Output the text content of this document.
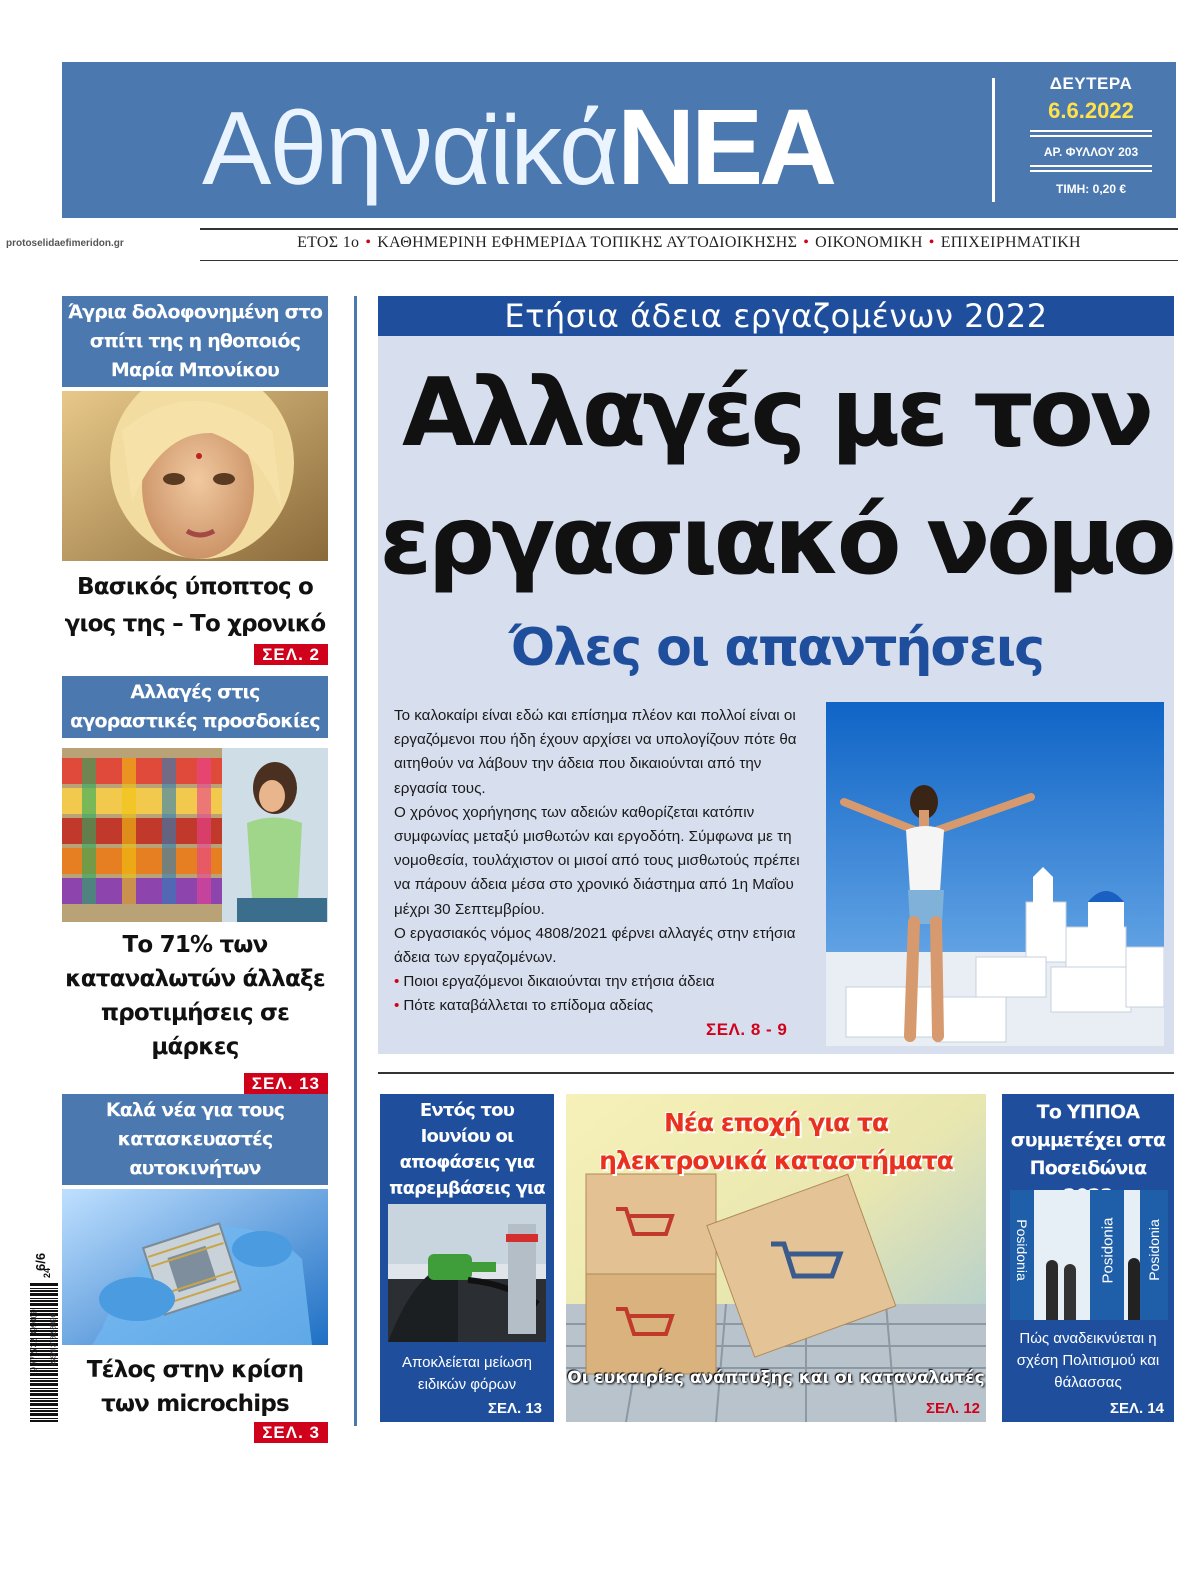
Αθηναϊκά ΝΕΑ
ΔΕΥΤΕΡΑ
6.6.2022
ΑΡ. ΦΥΛΛΟΥ 203
ΤΙΜΗ: 0,20 €
protoselidaefimeridon.gr	ΕΤΟΣ 1ο • ΚΑΘΗΜΕΡΙΝΗ ΕΦΗΜΕΡΙΔΑ ΤΟΠΙΚΗΣ ΑΥΤΟΔΙΟΙΚΗΣΗΣ • ΟΙΚΟΝΟΜΙΚΗ • ΕΠΙΧΕΙΡΗΜΑΤΙΚΗ
Άγρια δολοφονημένη στο σπίτι της η ηθοποιός Μαρία Μπονίκου
Βασικός ύποπτος ο γιος της – Το χρονικό
ΣΕΛ. 2
Αλλαγές στις αγοραστικές προσδοκίες
Το 71% των καταναλωτών άλλαξε προτιμήσεις σε μάρκες
ΣΕΛ. 13
Καλά νέα για τους κατασκευαστές αυτοκινήτων
Τέλος στην κρίση των microchips
ΣΕΛ. 3
6/6
9 772732 899009 ISSN 2732-8996
24
Ετήσια άδεια εργαζομένων 2022
Αλλαγές με τον
εργασιακό νόμο
Όλες οι απαντήσεις

Το καλοκαίρι είναι εδώ και επίσημα πλέον και πολλοί είναι οι εργαζόμενοι που ήδη έχουν αρχίσει να υπολογίζουν πότε θα αιτηθούν να λάβουν την άδεια που δικαιούνται από την εργασία τους.

Ο χρόνος χορήγησης των αδειών καθορίζεται κατόπιν συμφωνίας μεταξύ μισθωτών και εργοδότη. Σύμφωνα με τη νομοθεσία, τουλάχιστον οι μισοί από τους μισθωτούς πρέπει να πάρουν άδεια μέσα στο χρονικό διάστημα από 1η Μαΐου μέχρι 30 Σεπτεμβρίου.

Ο εργασιακός νόμος 4808/2021 φέρνει αλλαγές στην ετήσια άδεια των εργαζομένων.

• Ποιοι εργαζόμενοι δικαιούνται την ετήσια άδεια

• Πότε καταβάλλεται το επίδομα αδείας

ΣΕΛ. 8 - 9
Εντός του Ιουνίου οι αποφάσεις για παρεμβάσεις για
Αποκλείεται μείωση ειδικών φόρων
ΣΕΛ. 13
Νέα εποχή για τα
ηλεκτρονικά καταστήματα
Οι ευκαιρίες ανάπτυξης και οι καταναλωτές
ΣΕΛ. 12
Το ΥΠΠΟΑ συμμετέχει στα Ποσειδώνια
Posidonia	Posidonia Posidonia
Πώς αναδεικνύεται η σχέση Πολιτισμού και θάλασσας
ΣΕΛ. 14
